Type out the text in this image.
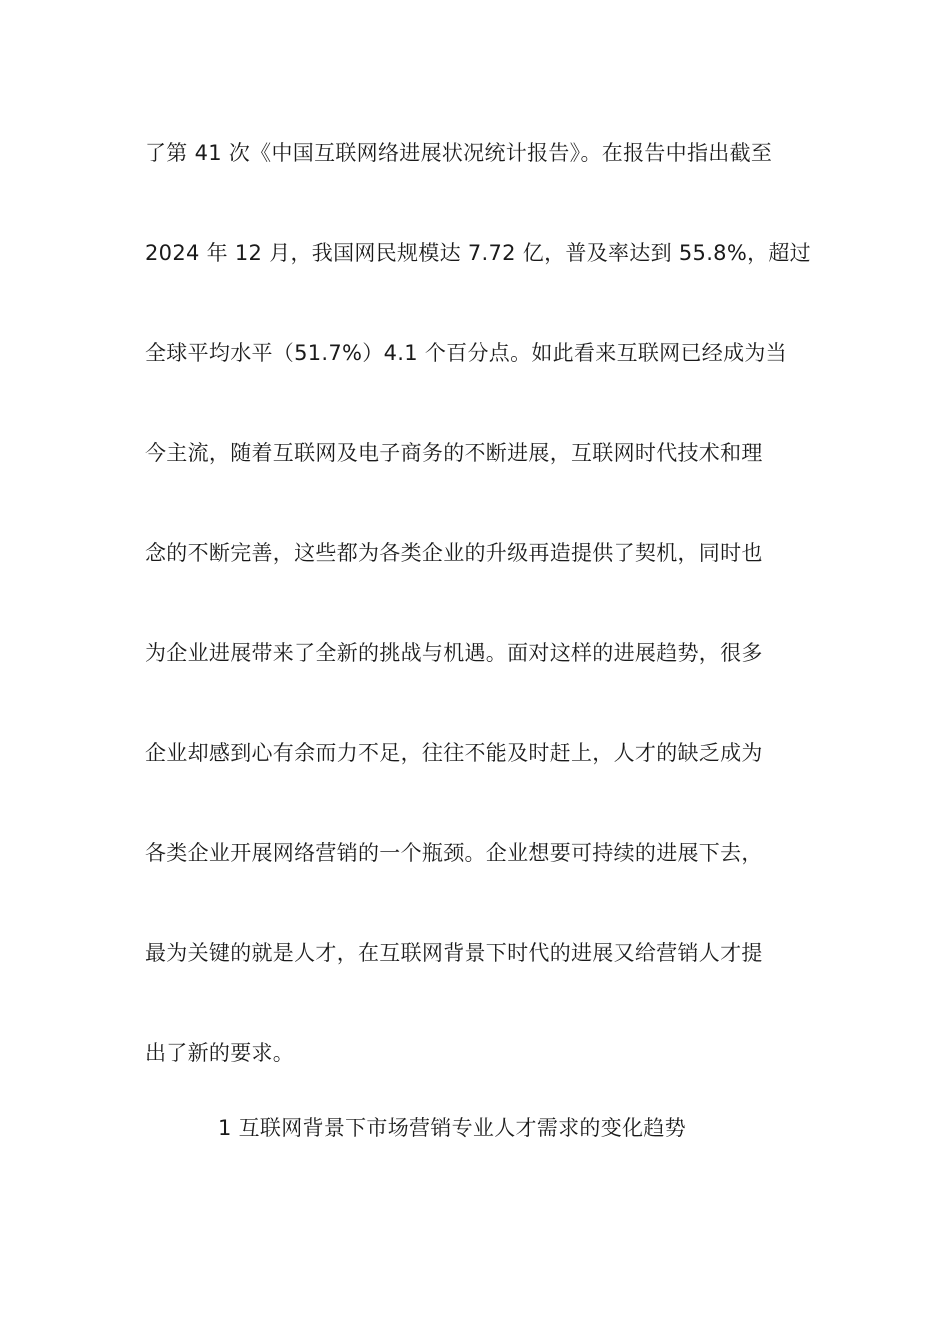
了第 41 次《中国互联网络进展状况统计报告》。在报告中指出截至
2024 年 12 月，我国网民规模达 7.72 亿，普及率达到 55.8%，超过
全球平均水平（51.7%）4.1 个百分点。如此看来互联网已经成为当
今主流，随着互联网及电子商务的不断进展，互联网时代技术和理
念的不断完善，这些都为各类企业的升级再造提供了契机，同时也
为企业进展带来了全新的挑战与机遇。面对这样的进展趋势，很多
企业却感到心有余而力不足，往往不能及时赶上，人才的缺乏成为
各类企业开展网络营销的一个瓶颈。企业想要可持续的进展下去，
最为关键的就是人才，在互联网背景下时代的进展又给营销人才提
出了新的要求。
1 互联网背景下市场营销专业人才需求的变化趋势
